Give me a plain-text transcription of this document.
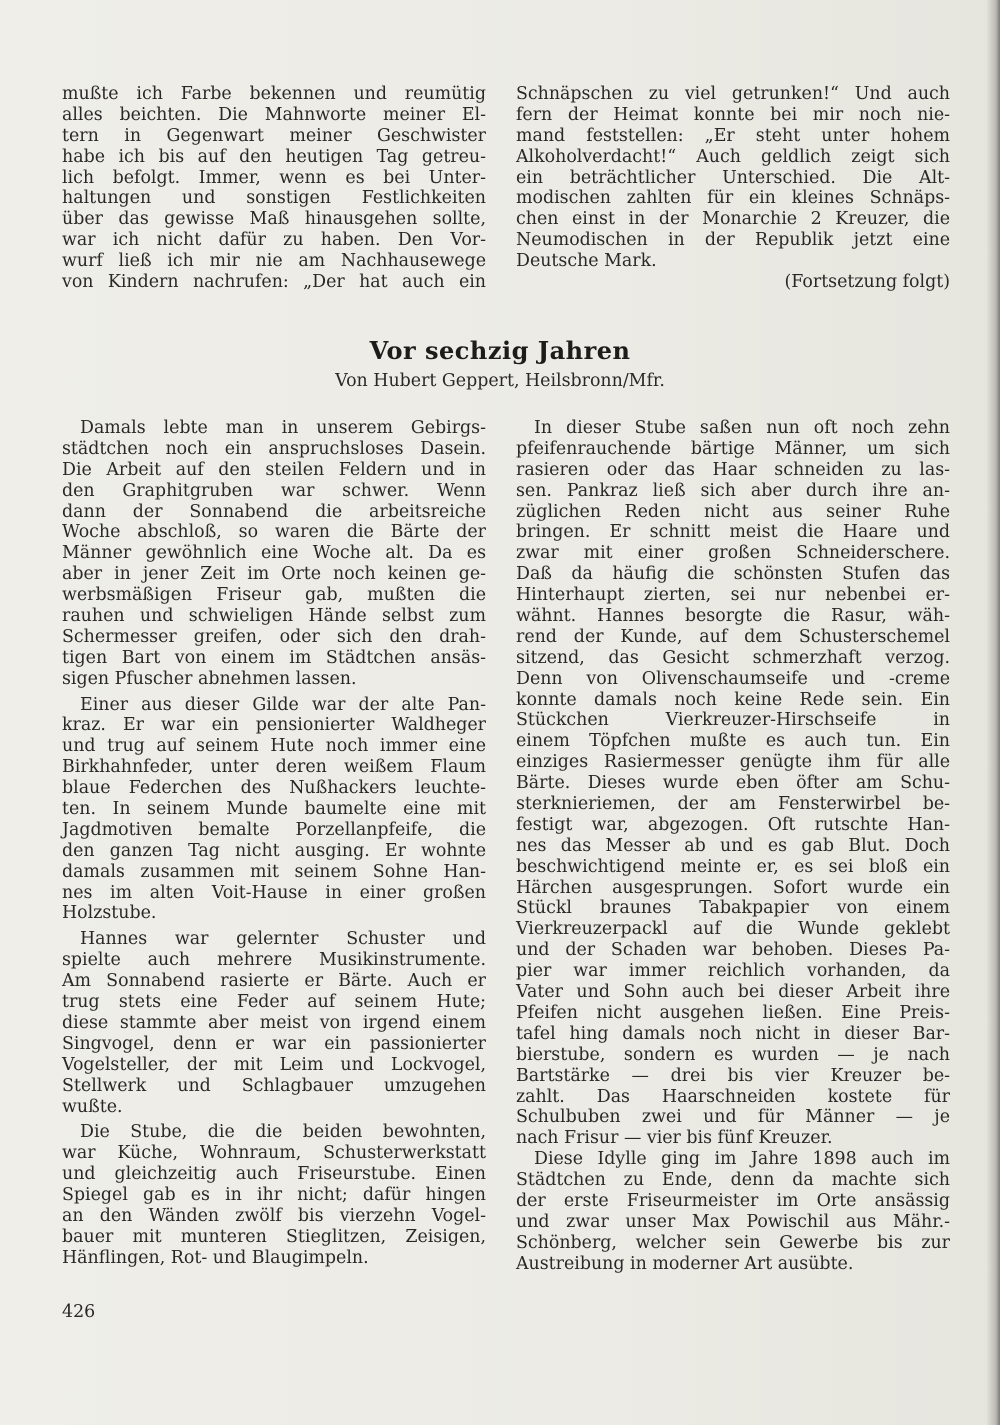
mußte ich Farbe bekennen und reumütig
alles beichten. Die Mahnworte meiner El-
tern in Gegenwart meiner Geschwister
habe ich bis auf den heutigen Tag getreu-
lich befolgt. Immer, wenn es bei Unter-
haltungen und sonstigen Festlichkeiten
über das gewisse Maß hinausgehen sollte,
war ich nicht dafür zu haben. Den Vor-
wurf ließ ich mir nie am Nachhausewege
von Kindern nachrufen: „Der hat auch ein
Schnäpschen zu viel getrunken!“ Und auch
fern der Heimat konnte bei mir noch nie-
mand feststellen: „Er steht unter hohem
Alkoholverdacht!“ Auch geldlich zeigt sich
ein beträchtlicher Unterschied. Die Alt-
modischen zahlten für ein kleines Schnäps-
chen einst in der Monarchie 2 Kreuzer, die
Neumodischen in der Republik jetzt eine
Deutsche Mark.
(Fortsetzung folgt)
Vor sechzig Jahren
Von Hubert Geppert, Heilsbronn/Mfr.
Damals lebte man in unserem Gebirgs-
städtchen noch ein anspruchsloses Dasein.
Die Arbeit auf den steilen Feldern und in
den Graphitgruben war schwer. Wenn
dann der Sonnabend die arbeitsreiche
Woche abschloß, so waren die Bärte der
Männer gewöhnlich eine Woche alt. Da es
aber in jener Zeit im Orte noch keinen ge-
werbsmäßigen Friseur gab, mußten die
rauhen und schwieligen Hände selbst zum
Schermesser greifen, oder sich den drah-
tigen Bart von einem im Städtchen ansäs-
sigen Pfuscher abnehmen lassen.
Einer aus dieser Gilde war der alte Pan-
kraz. Er war ein pensionierter Waldheger
und trug auf seinem Hute noch immer eine
Birkhahnfeder, unter deren weißem Flaum
blaue Federchen des Nußhackers leuchte-
ten. In seinem Munde baumelte eine mit
Jagdmotiven bemalte Porzellanpfeife, die
den ganzen Tag nicht ausging. Er wohnte
damals zusammen mit seinem Sohne Han-
nes im alten Voit-Hause in einer großen
Holzstube.
Hannes war gelernter Schuster und
spielte auch mehrere Musikinstrumente.
Am Sonnabend rasierte er Bärte. Auch er
trug stets eine Feder auf seinem Hute;
diese stammte aber meist von irgend einem
Singvogel, denn er war ein passionierter
Vogelsteller, der mit Leim und Lockvogel,
Stellwerk und Schlagbauer umzugehen
wußte.
Die Stube, die die beiden bewohnten,
war Küche, Wohnraum, Schusterwerkstatt
und gleichzeitig auch Friseurstube. Einen
Spiegel gab es in ihr nicht; dafür hingen
an den Wänden zwölf bis vierzehn Vogel-
bauer mit munteren Stieglitzen, Zeisigen,
Hänflingen, Rot- und Blaugimpeln.
In dieser Stube saßen nun oft noch zehn
pfeifenrauchende bärtige Männer, um sich
rasieren oder das Haar schneiden zu las-
sen. Pankraz ließ sich aber durch ihre an-
züglichen Reden nicht aus seiner Ruhe
bringen. Er schnitt meist die Haare und
zwar mit einer großen Schneiderschere.
Daß da häufig die schönsten Stufen das
Hinterhaupt zierten, sei nur nebenbei er-
wähnt. Hannes besorgte die Rasur, wäh-
rend der Kunde, auf dem Schusterschemel
sitzend, das Gesicht schmerzhaft verzog.
Denn von Olivenschaumseife und -creme
konnte damals noch keine Rede sein. Ein
Stückchen Vierkreuzer-Hirschseife in
einem Töpfchen mußte es auch tun. Ein
einziges Rasiermesser genügte ihm für alle
Bärte. Dieses wurde eben öfter am Schu-
sterknieriemen, der am Fensterwirbel be-
festigt war, abgezogen. Oft rutschte Han-
nes das Messer ab und es gab Blut. Doch
beschwichtigend meinte er, es sei bloß ein
Härchen ausgesprungen. Sofort wurde ein
Stückl braunes Tabakpapier von einem
Vierkreuzerpackl auf die Wunde geklebt
und der Schaden war behoben. Dieses Pa-
pier war immer reichlich vorhanden, da
Vater und Sohn auch bei dieser Arbeit ihre
Pfeifen nicht ausgehen ließen. Eine Preis-
tafel hing damals noch nicht in dieser Bar-
bierstube, sondern es wurden — je nach
Bartstärke — drei bis vier Kreuzer be-
zahlt. Das Haarschneiden kostete für
Schulbuben zwei und für Männer — je
nach Frisur — vier bis fünf Kreuzer.
Diese Idylle ging im Jahre 1898 auch im
Städtchen zu Ende, denn da machte sich
der erste Friseurmeister im Orte ansässig
und zwar unser Max Powischil aus Mähr.-
Schönberg, welcher sein Gewerbe bis zur
Austreibung in moderner Art ausübte.
426
